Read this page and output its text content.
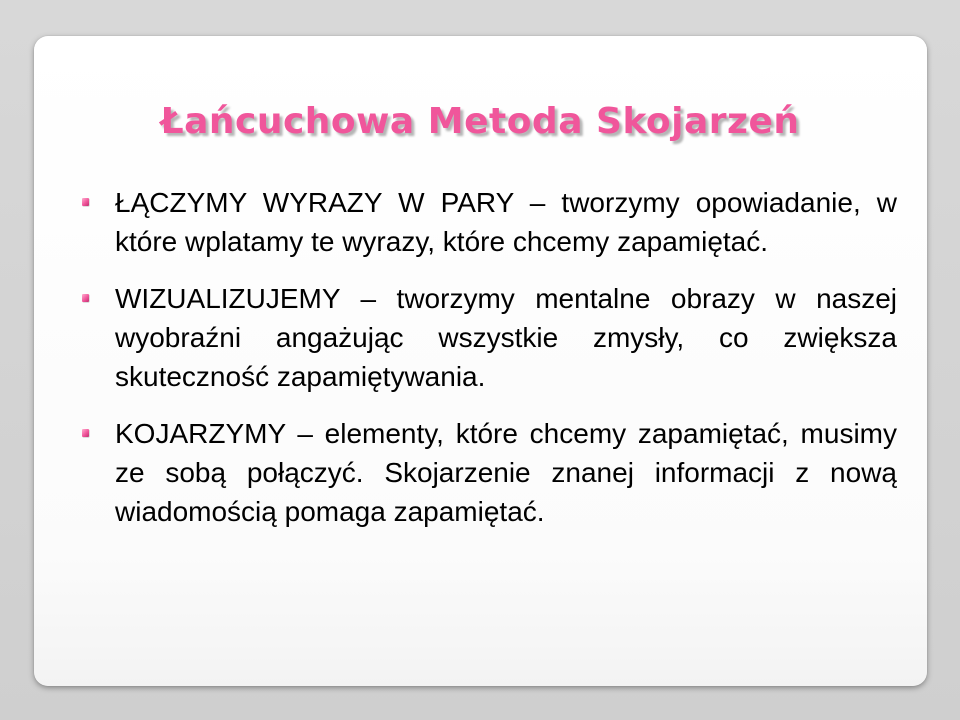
Łańcuchowa Metoda Skojarzeń
ŁĄCZYMY WYRAZY W PARY – tworzymy opowiadanie, w które wplatamy te wyrazy, które chcemy zapamiętać.
WIZUALIZUJEMY – tworzymy mentalne obrazy w naszej wyobraźni angażując wszystkie zmysły, co zwiększa skuteczność zapamiętywania.
KOJARZYMY – elementy, które chcemy zapamiętać, musimy ze sobą połączyć. Skojarzenie znanej informacji z nową wiadomością pomaga zapamiętać.
